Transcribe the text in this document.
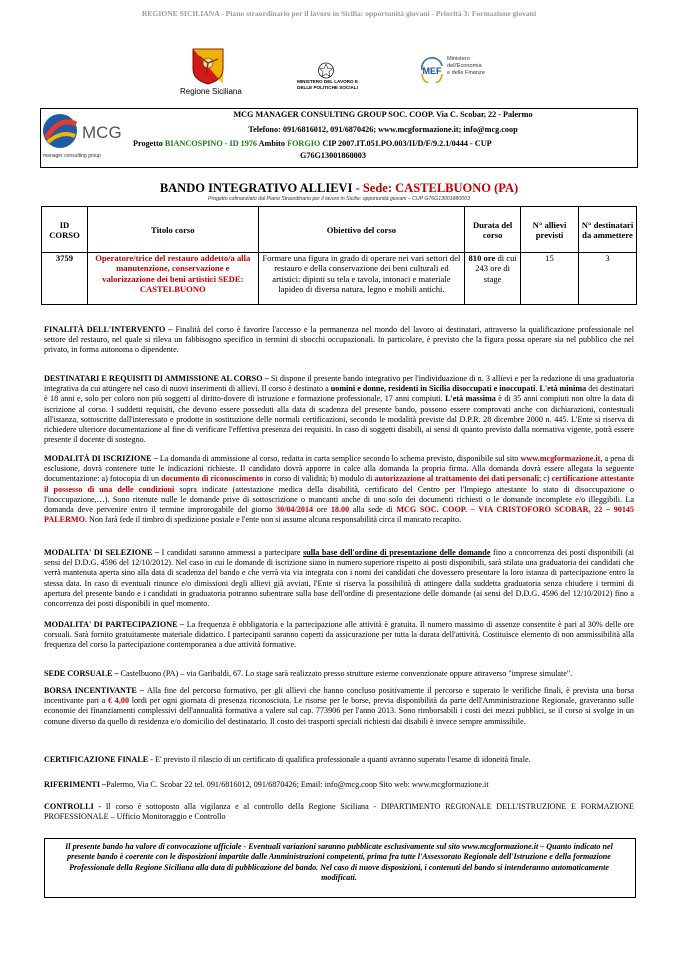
REGIONE SICILIANA - Piano straordinario per il lavoro in Sicilia: opportunità giovani - Priorità 3: Formazione giovani
Regione Siciliana
MINISTERO DEL LAVORO E DELLE POLITICHE SOCIALI
MEF
Ministero
dell'Economia
e delle Finanze
MCG
manager consulting group
MCG MANAGER CONSULTING GROUP SOC. COOP. Via C. Scobar, 22 - Palermo
Telefono: 091/6816012, 091/6870426; www.mcgformazione.it; info@mcg.coop
Progetto BIANCOSPINO - ID 1976 Ambito FORGIO CIP 2007.IT.051.PO.003/II/D/F/9.2.1/0444 - CUP
G76G13001860003
BANDO INTEGRATIVO ALLIEVI - Sede: CASTELBUONO (PA)
Progetto cofinanziato dal Piano Straordinario per il lavoro in Sicilia: opportunità giovani – CUP G76G13001880003
ID CORSO	Titolo corso	Obiettivo del corso	Durata del corso	N° allievi previsti	N° destinatari da ammettere
3759	Operatore/trice del restauro addetto/a alla manutenzione, conservazione e valorizzazione dei beni artistici SEDE: CASTELBUONO	Formare una figura in grado di operare nei vari settori del restauro e della conservazione dei beni culturali ed artistici: dipinti su tela e tavola, intonaci e materiale lapideo di diversa natura, legno e mobili antichi.	810 ore di cui 243 ore di stage	15	3
FINALITÀ DELL'INTERVENTO – Finalità del corso è favorire l'accesso e la permanenza nel mondo del lavoro ai destinatari, attraverso la qualificazione professionale nel settore del restauro, nel quale si rileva un fabbisogno specifico in termini di sbocchi occupazionali. In particolare, è previsto che la figura possa operare sia nel pubblico che nel privato, in forma autonoma o dipendente.
DESTINATARI E REQUISITI DI AMMISSIONE AL CORSO – Si dispone il presente bando integrativo per l'individuazione di n. 3 allievi e per la redazione di una graduatoria integrativa da cui attingere nel caso di nuovi inserimenti di allievi. Il corso è destinato a uomini e donne, residenti in Sicilia disoccupati e inoccupati. L'età minima dei destinatari è 18 anni e, solo per coloro non più soggetti al diritto-dovere di istruzione e formazione professionale, 17 anni compiuti. L'età massima è di 35 anni compiuti non oltre la data di iscrizione al corso. I suddetti requisiti, che devono essere posseduti alla data di scadenza del presente bando, possono essere comprovati anche con dichiarazioni, contestuali all'istanza, sottoscritte dall'interessato e prodotte in sostituzione delle normali certificazioni, secondo le modalità previste dal D.P.R. 28 dicembre 2000 n. 445. L'Ente si riserva di richiedere ulteriore documentazione al fine di verificare l'effettiva presenza dei requisiti. In caso di soggetti disabili, ai sensi di quanto previsto dalla normativa vigente, potrà essere presente il docente di sostegno.
MODALITÀ DI ISCRIZIONE – La domanda di ammissione al corso, redatta in carta semplice secondo lo schema previsto, disponibile sul sito www.mcgformazione.it, a pena di esclusione, dovrà contenere tutte le indicazioni richieste. Il candidato dovrà apporre in calce alla domanda la propria firma. Alla domanda dovrà essere allegata la seguente documentazione: a) fotocopia di un documento di riconoscimento in corso di validità; b) modulo di autorizzazione al trattamento dei dati personali; c) certificazione attestante il possesso di una delle condizioni sopra indicate (attestazione medica della disabilità, certificato del Centro per l'Impiego attestante lo stato di disoccupazione o l'inoccupazione,…). Sono ritenute nulle le domande prive di sottoscrizione o mancanti anche di uno solo dei documenti richiesti o le domande incomplete e/o illeggibili. La domanda deve pervenire entro il termine improrogabile del giorno 30/04/2014 ore 18.00 alla sede di MCG SOC. COOP. – VIA CRISTOFORO SCOBAR, 22 – 90145 PALERMO. Non farà fede il timbro di spedizione postale e l'ente non si assume alcuna responsabilità circa il mancato recapito.
MODALITA' DI SELEZIONE – I candidati saranno ammessi a partecipare sulla base dell'ordine di presentazione delle domande fino a concorrenza dei posti disponibili (ai sensi del D.D.G. 4596 del 12/10/2012). Nel caso in cui le domande di iscrizione siano in numero superiore rispetto ai posti disponibili, sarà stilata una graduatoria dei candidati che verrà mantenuta aperta sino alla data di scadenza del bando e che verrà via via integrata con i nomi dei candidati che dovessero presentare la loro istanza di partecipazione entro la stessa data. In caso di eventuali rinunce e/o dimissioni degli allievi già avviati, l'Ente si riserva la possibilità di attingere dalla suddetta graduatoria senza chiudere i termini di apertura del presente bando e i candidati in graduatoria potranno subentrare sulla base dell'ordine di presentazione delle domande (ai sensi del D.D.G. 4596 del 12/10/2012) fino a concorrenza dei posti disponibili in quel momento.
MODALITA' DI PARTECIPAZIONE – La frequenza è obbligatoria e la partecipazione alle attività è gratuita. Il numero massimo di assenze consentite è pari al 30% delle ore corsuali. Sarà fornito gratuitamente materiale didattico. I partecipanti saranno coperti da assicurazione per tutta la durata dell'attività. Costituisce elemento di non ammissibilità alla frequenza del corso la partecipazione contemporanea a due attività formative.
SEDE CORSUALE – Castelbuono (PA) – via Garibaldi, 67. Lo stage sarà realizzato presso strutture esterne convenzionate oppure attraverso "imprese simulate".
BORSA INCENTIVANTE – Alla fine del percorso formativo, per gli allievi che hanno concluso positivamente il percorso e superato le verifiche finali, è prevista una borsa incentivante pari a € 4,00 lordi per ogni giornata di presenza riconosciuta. Le risorse per le borse, previa disponibilità da parte dell'Amministrazione Regionale, graveranno sulle economie dei finanziamenti complessivi dell'annualità formativa a valere sul cap. 773906 per l'anno 2013. Sono rimborsabili i costi dei mezzi pubblici, se il corso si svolge in un comune diverso da quello di residenza e/o domicilio del destinatario. Il costo dei trasporti speciali richiesti dai disabili è invece sempre ammissibile.
CERTIFICAZIONE FINALE - E' previsto il rilascio di un certificato di qualifica professionale a quanti avranno superato l'esame di idoneità finale.
RIFERIMENTI –Palermo, Via C. Scobar 22 tel. 091/6816012, 091/6870426; Email: info@mcg.coop Sito web: www.mcgformazione.it
CONTROLLI - Il corso è sottoposto alla vigilanza e al controllo della Regione Siciliana - DIPARTIMENTO REGIONALE DELL'ISTRUZIONE E FORMAZIONE PROFESSIONALE – Ufficio Monitoraggio e Controllo
Il presente bando ha valore di convocazione ufficiale - Eventuali variazioni saranno pubblicate esclusivamente sul sito www.mcgformazione.it – Quanto indicato nel presente bando è coerente con le disposizioni impartite dalle Amministrazioni competenti, prima fra tutte l'Assessorato Regionale dell'Istruzione e della formazione Professionale della Regione Siciliana alla data di pubblicazione del bando. Nel caso di nuove disposizioni, i contenuti del bando si intenderanno automaticamente modificati.
